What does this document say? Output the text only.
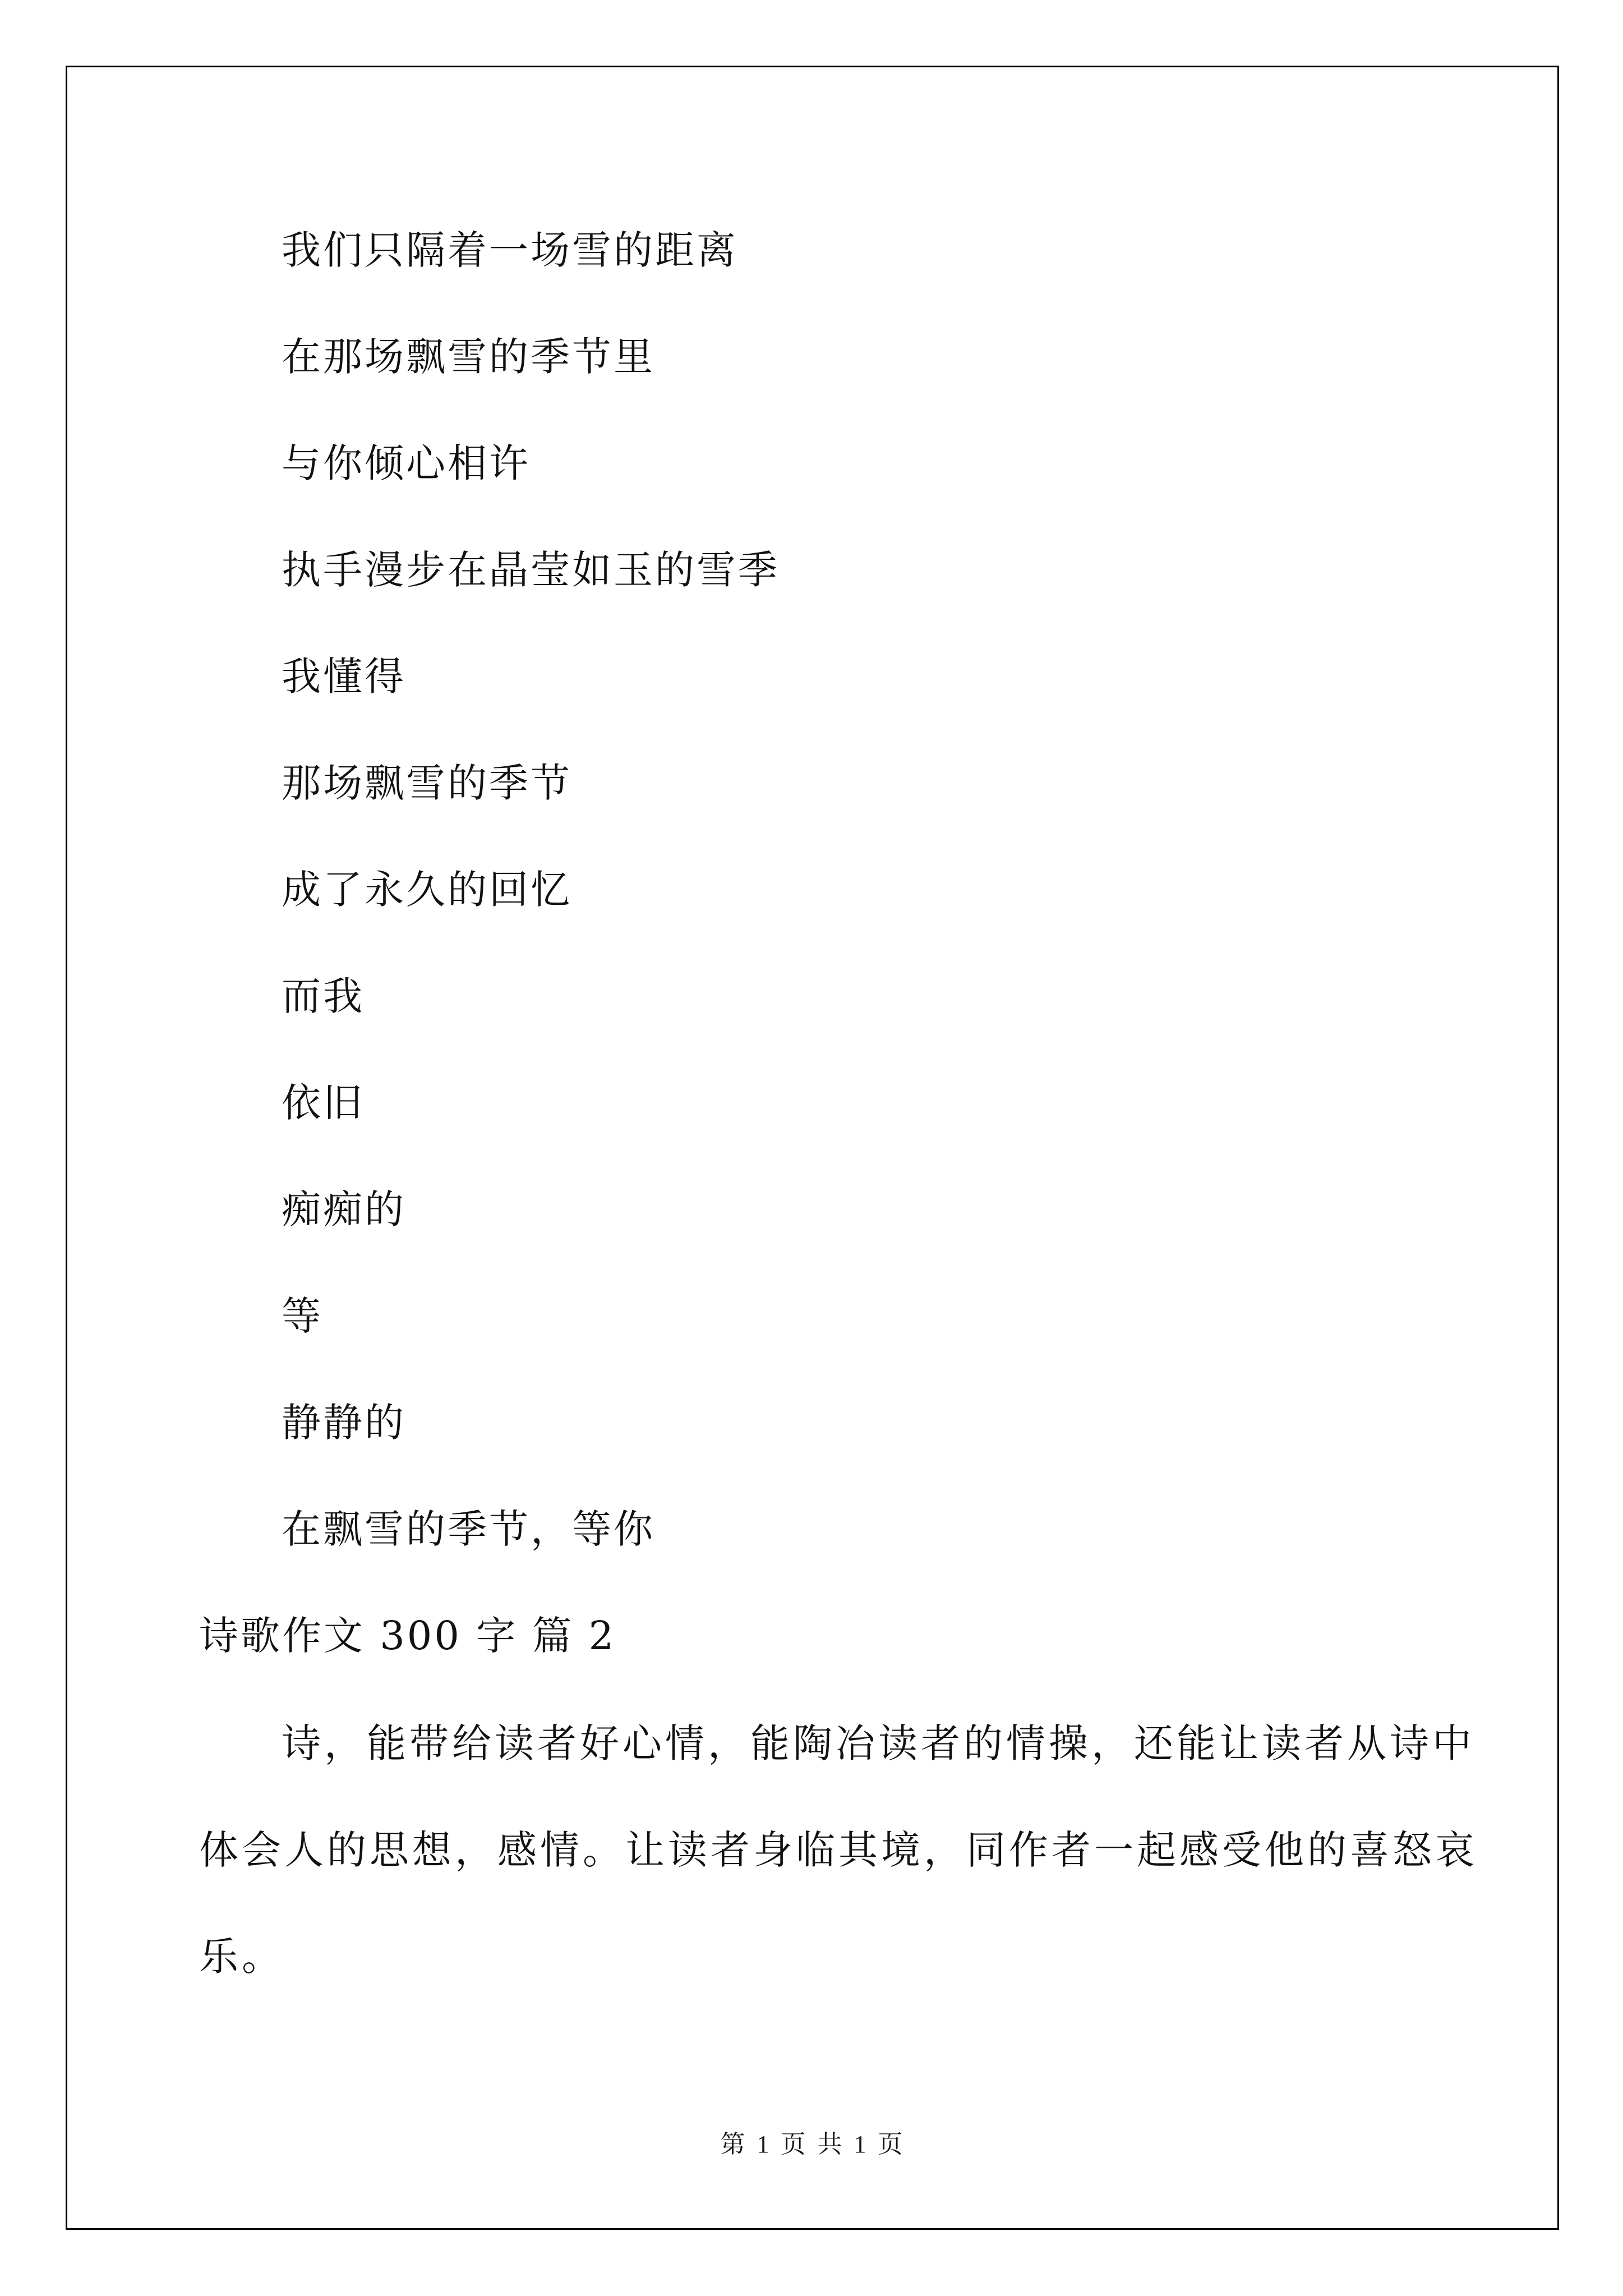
我们只隔着一场雪的距离
在那场飘雪的季节里
与你倾心相许
执手漫步在晶莹如玉的雪季
我懂得
那场飘雪的季节
成了永久的回忆
而我
依旧
痴痴的
等
静静的
在飘雪的季节，等你
诗歌作文 300 字 篇 2
诗，能带给读者好心情，能陶冶读者的情操，还能让读者从诗中
体会人的思想，感情。让读者身临其境，同作者一起感受他的喜怒哀
乐。
第 1 页 共 1 页
